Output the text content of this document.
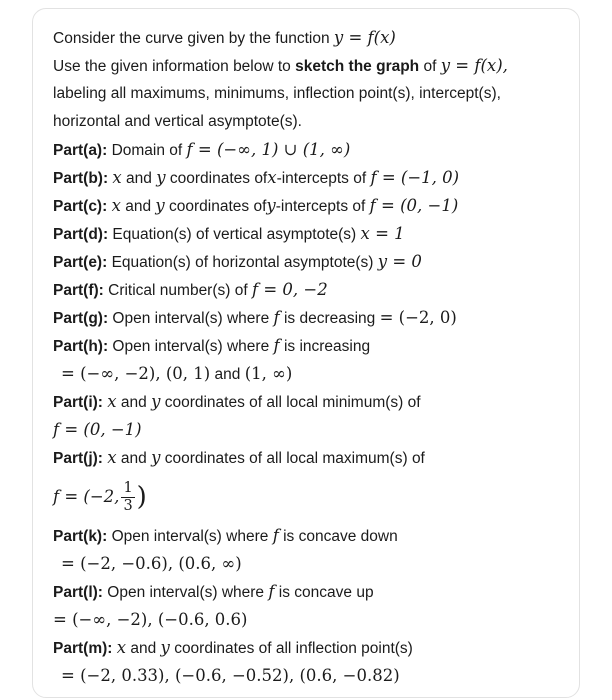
Consider the curve given by the function y = f(x)
Use the given information below to sketch the graph of y = f(x),
labeling all maximums, minimums, inflection point(s), intercept(s),
horizontal and vertical asymptote(s).
Part(a): Domain of f = (−∞, 1) ∪ (1, ∞)
Part(b): x and y coordinates ofx-intercepts of f = (−1, 0)
Part(c): x and y coordinates ofy-intercepts of f = (0, −1)
Part(d): Equation(s) of vertical asymptote(s) x = 1
Part(e): Equation(s) of horizontal asymptote(s) y = 0
Part(f): Critical number(s) of f = 0, −2
Part(g): Open interval(s) where f is decreasing = (−2, 0)
Part(h): Open interval(s) where f is increasing
= (−∞, −2), (0, 1) and (1, ∞)
Part(i): x and y coordinates of all local minimum(s) of
f = (0, −1)
Part(j): x and y coordinates of all local maximum(s) of
f = (−2, $\frac{1}{3}$ )
Part(k): Open interval(s) where f is concave down
= (−2, −0.6), (0.6, ∞)
Part(l): Open interval(s) where f is concave up
= (−∞, −2), (−0.6, 0.6)
Part(m): x and y coordinates of all inflection point(s)
= (−2, 0.33), (−0.6, −0.52), (0.6, −0.82)
